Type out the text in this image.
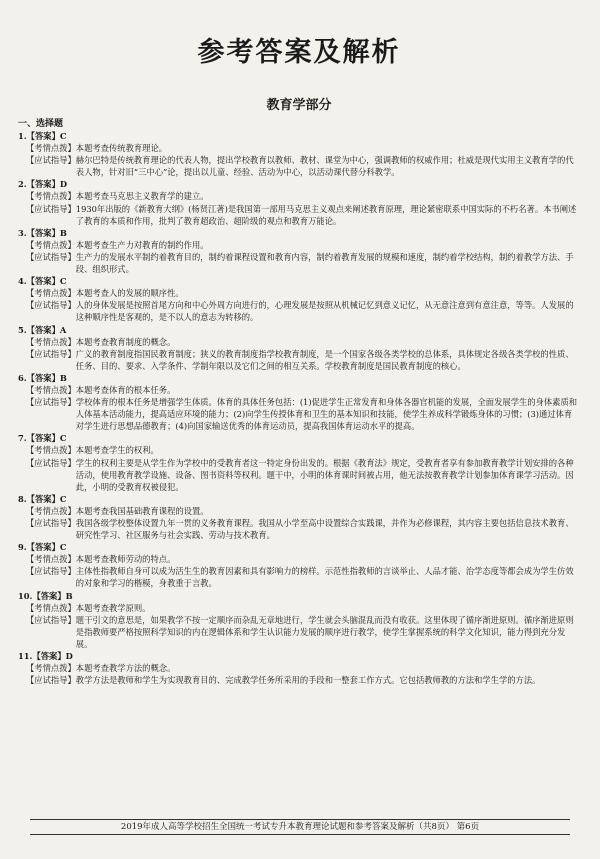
参考答案及解析
教育学部分
一、选择题
1. 【答案】C
【考情点拨】 本题考查传统教育理论。
【应试指导】 赫尔巴特是传统教育理论的代表人物，提出学校教育以教师、教材、课堂为中心，强调教师的权威作用；杜威是现代实用主义教育学的代表人物，针对旧“三中心”论，提出以儿童、经验、活动为中心，以活动课代替分科教学。
2. 【答案】D
【考情点拨】 本题考查马克思主义教育学的建立。
【应试指导】 1930年出版的《新教育大纲》(杨贤江著)是我国第一部用马克思主义观点来阐述教育原理，理论紧密联系中国实际的不朽名著。本书阐述了教育的本质和作用，批判了教育超政治、超阶级的观点和教育万能论。
3. 【答案】B
【考情点拨】 本题考查生产力对教育的制约作用。
【应试指导】 生产力的发展水平制约着教育目的，制约着课程设置和教育内容，制约着教育发展的规模和速度，制约着学校结构，制约着教学方法、手段、组织形式。
4. 【答案】C
【考情点拨】 本题考查人的发展的顺序性。
【应试指导】 人的身体发展是按照首尾方向和中心外周方向进行的，心理发展是按照从机械记忆到意义记忆，从无意注意到有意注意，等等。人发展的这种顺序性是客观的，是不以人的意志为转移的。
5. 【答案】A
【考情点拨】 本题考查教育制度的概念。
【应试指导】 广义的教育制度指国民教育制度；狭义的教育制度指学校教育制度，是一个国家各级各类学校的总体系，具体规定各级各类学校的性质、任务、目的、要求、入学条件、学制年限以及它们之间的相互关系。学校教育制度是国民教育制度的核心。
6. 【答案】B
【考情点拨】 本题考查体育的根本任务。
【应试指导】 学校体育的根本任务是增强学生体质。体育的具体任务包括：(1)促进学生正常发育和身体各器官机能的发展，全面发展学生的身体素质和人体基本活动能力，提高适应环境的能力；(2)向学生传授体育和卫生的基本知识和技能，使学生养成科学锻炼身体的习惯；(3)通过体育对学生进行思想品德教育；(4)向国家输送优秀的体育运动员，提高我国体育运动水平的提高。
7. 【答案】C
【考情点拨】 本题考查学生的权利。
【应试指导】 学生的权利主要是从学生作为学校中的受教育者这一特定身份出发的。根据《教育法》规定，受教育者享有参加教育教学计划安排的各种活动，使用教育教学设施、设备、图书资料等权利。题干中，小明的体育课时间被占用，他无法按教育教学计划参加体育课学习活动。因此，小明的受教育权被侵犯。
8. 【答案】C
【考情点拨】 本题考查我国基础教育课程的设置。
【应试指导】 我国各级学校整体设置九年一贯的义务教育课程。我国从小学至高中设置综合实践课，并作为必修课程，其内容主要包括信息技术教育、研究性学习、社区服务与社会实践、劳动与技术教育。
9. 【答案】C
【考情点拨】 本题考查教师劳动的特点。
【应试指导】 主体性指教师自身可以成为活生生的教育因素和具有影响力的榜样。示范性指教师的言谈举止、人品才能、治学态度等都会成为学生仿效的对象和学习的楷模，身教重于言教。
10. 【答案】B
【考情点拨】 本题考查教学原则。
【应试指导】 题干引文的意思是，如果教学不按一定顺序而杂乱无章地进行，学生就会头脑混乱而没有收获。这里体现了循序渐进原则。循序渐进原则是指教师要严格按照科学知识的内在逻辑体系和学生认识能力发展的顺序进行教学，使学生掌握系统的科学文化知识，能力得到充分发展。
11. 【答案】D
【考情点拨】 本题考查教学方法的概念。
【应试指导】 教学方法是教师和学生为实现教育目的、完成教学任务所采用的手段和一整套工作方式。它包括教师教的方法和学生学的方法。
2019年成人高等学校招生全国统一考试专升本教育理论试题和参考答案及解析（共8页） 第6页
